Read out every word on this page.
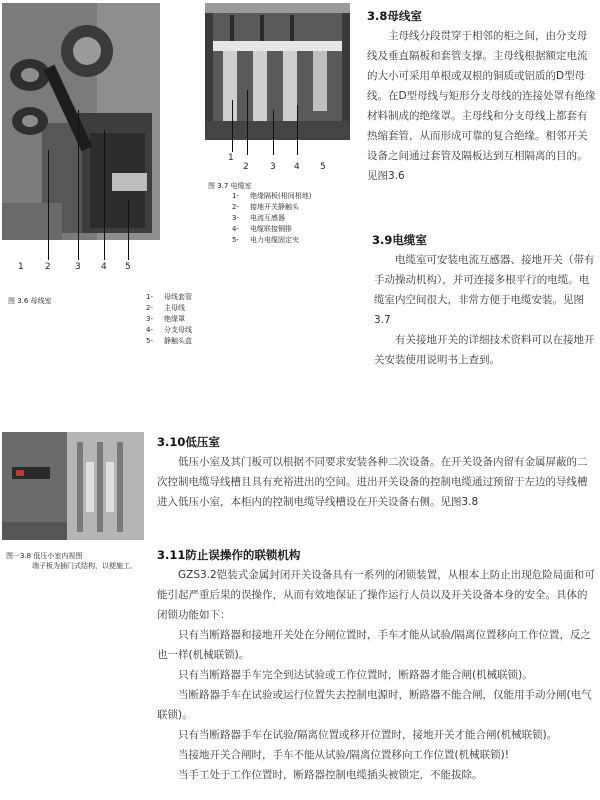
1 2	3 4 5
图 3.6 母线室	1- 母线套管
2- 主母线
3- 绝缘罩
4- 分支母线
5- 静触头盒
1
2 3 4 5
图 3.7 电缆室
1- 绝缘隔板(相间相地)
2- 接地开关静触头
3- 电流互感器
4- 电缆联接铜排
5- 电力电缆固定夹
3.8母线室

主母线分段贯穿于相邻的柜之间，由分支母线及垂直隔板和套管支撑。主母线根据额定电流的大小可采用单根或双根的铜质或铝质的D型母线。在D型母线与矩形分支母线的连接处罩有绝缘材料制成的绝缘罩。主母线和分支母线上都套有热缩套管，从而形成可靠的复合绝缘。相邻开关设备之间通过套管及隔板达到互相隔离的目的。见图3.6

3.9电缆室

电缆室可安装电流互感器、接地开关（带有手动操动机构），并可连接多根平行的电缆。电缆室内空间很大，非常方便于电缆安装。见图3.7

有关接地开关的详细技术资料可以在接地开关安装使用说明书上查到。

图一3.8 低压小室内视图
端子板为插门式结构，以便施工。
3.10低压室

低压小室及其门板可以根据不同要求安装各种二次设备。在开关设备内留有金属屏蔽的二次控制电缆导线槽且具有充裕进出的空间。进出开关设备的控制电缆通过预留于左边的导线槽进入低压小室，本柜内的控制电缆导线槽设在开关设备右侧。见图3.8

3.11防止误操作的联锁机构

GZS3.2铠装式金属封闭开关设备具有一系列的闭锁装置，从根本上防止出现危险局面和可能引起严重后果的误操作，从而有效地保证了操作运行人员以及开关设备本身的安全。具体的闭锁功能如下：

只有当断路器和接地开关处在分闸位置时，手车才能从试验/隔离位置移向工作位置，反之也一样(机械联锁)。

只有当断路器手车完全到达试验或工作位置时，断路器才能合闸(机械联锁)。

当断路器手车在试验或运行位置失去控制电源时，断路器不能合闸，仅能用手动分闸(电气联锁)。

只有当断路器手车在试验/隔离位置或移开位置时，接地开关才能合闸(机械联锁)。

当接地开关合闸时，手车不能从试验/隔离位置移向工作位置(机械联锁)!

当手工处于工作位置时，断路器控制电缆插头被锁定，不能拔除。
